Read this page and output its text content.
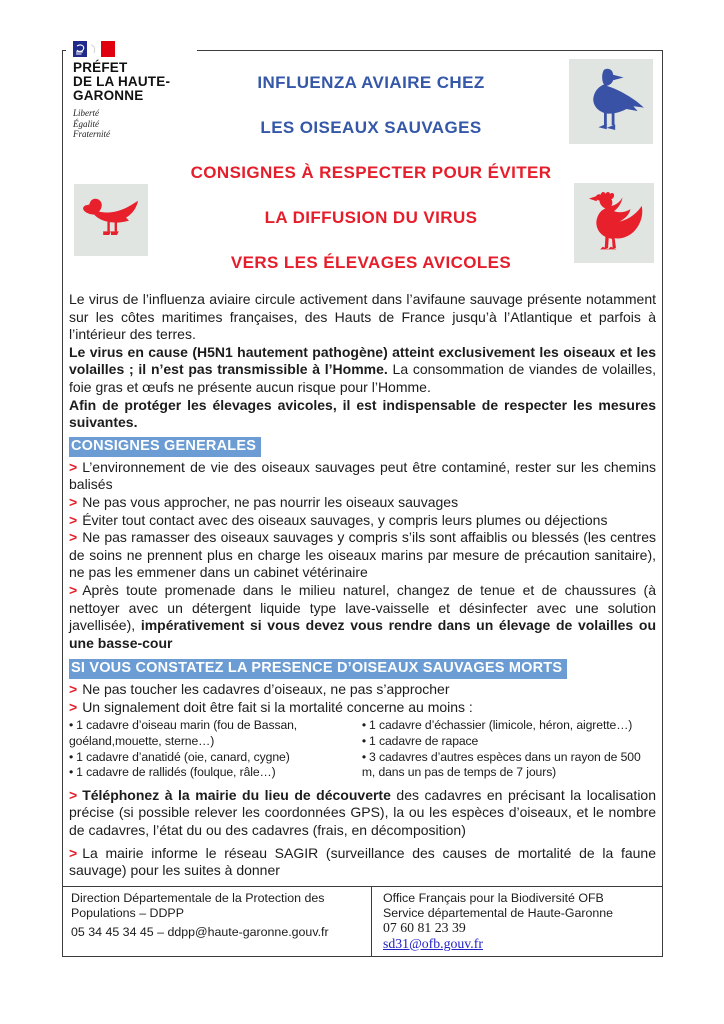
PRÉFET
DE LA HAUTE-
GARONNE
Liberté
Égalité
Fraternité
INFLUENZA AVIAIRE CHEZ
LES OISEAUX SAUVAGES
CONSIGNES À RESPECTER POUR ÉVITER
LA DIFFUSION DU VIRUS
VERS LES ÉLEVAGES AVICOLES

Le virus de l’influenza aviaire circule activement dans l’avifaune sauvage présente notamment sur les côtes maritimes françaises, des Hauts de France jusqu’à l’Atlantique et parfois à l’intérieur des terres.

Le virus en cause (H5N1 hautement pathogène) atteint exclusivement les oiseaux et les volailles ; il n’est pas transmissible à l’Homme. La consommation de viandes de volailles, foie gras et œufs ne présente aucun risque pour l’Homme.

Afin de protéger les élevages avicoles, il est indispensable de respecter les mesures suivantes.

CONSIGNES GENERALES

> L’environnement de vie des oiseaux sauvages peut être contaminé, rester sur les chemins balisés

> Ne pas vous approcher, ne pas nourrir les oiseaux sauvages

> Éviter tout contact avec des oiseaux sauvages, y compris leurs plumes ou déjections

> Ne pas ramasser des oiseaux sauvages y compris s’ils sont affaiblis ou blessés (les centres de soins ne prennent plus en charge les oiseaux marins par mesure de précaution sanitaire), ne pas les emmener dans un cabinet vétérinaire

> Après toute promenade dans le milieu naturel, changez de tenue et de chaussures (à nettoyer avec un détergent liquide type lave-vaisselle et désinfecter avec une solution javellisée), impérativement si vous devez vous rendre dans un élevage de volailles ou une basse-cour

SI VOUS CONSTATEZ LA PRESENCE D’OISEAUX SAUVAGES MORTS

> Ne pas toucher les cadavres d’oiseaux, ne pas s’approcher

> Un signalement doit être fait si la mortalité concerne au moins :

• 1 cadavre d’oiseau marin (fou de Bassan, goéland,mouette, sterne…)

• 1 cadavre d’anatidé (oie, canard, cygne)

• 1 cadavre de rallidés (foulque, râle…)

• 1 cadavre d’échassier (limicole, héron, aigrette…)

• 1 cadavre de rapace

• 3 cadavres d’autres espèces dans un rayon de 500 m, dans un pas de temps de 7 jours)

> Téléphonez à la mairie du lieu de découverte des cadavres en précisant la localisation précise (si possible relever les coordonnées GPS), la ou les espèces d’oiseaux, et le nombre de cadavres, l’état du ou des cadavres (frais, en décomposition)

> La mairie informe le réseau SAGIR (surveillance des causes de mortalité de la faune sauvage) pour les suites à donner

Direction Départementale de la Protection des Populations – DDPP
05 34 45 34 45 – ddpp@haute-garonne.gouv.fr
Office Français pour la Biodiversité OFB
Service départemental de Haute-Garonne
07 60 81 23 39
sd31@ofb.gouv.fr
